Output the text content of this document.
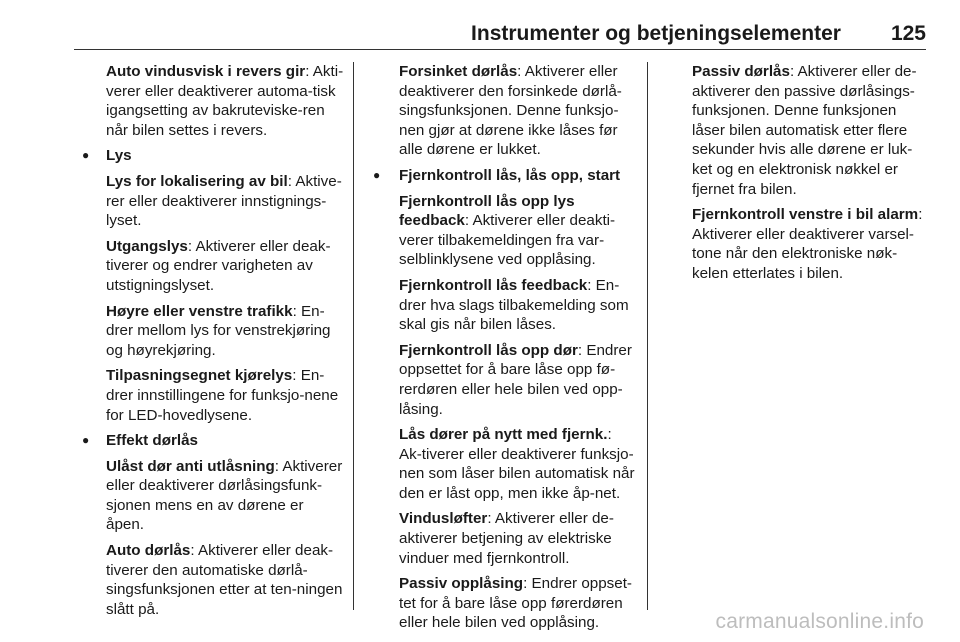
Instrumenter og betjeningselementer 125
Auto vindusvisk i revers gir: Akti-verer eller deaktiverer automa-tisk igangsetting av bakruteviske-ren når bilen settes i revers.
● Lys
Lys for lokalisering av bil: Aktive-rer eller deaktiverer innstignings-lyset.
Utgangslys: Aktiverer eller deak-tiverer og endrer varigheten av utstigningslyset.
Høyre eller venstre trafikk: En-drer mellom lys for venstrekjøring og høyrekjøring.
Tilpasningsegnet kjørelys: En-drer innstillingene for funksjo-nene for LED-hovedlysene.
● Effekt dørlås
Ulåst dør anti utlåsning: Aktiverer eller deaktiverer dørlåsingsfunk-sjonen mens en av dørene er åpen.
Auto dørlås: Aktiverer eller deak-tiverer den automatiske dørlå-singsfunksjonen etter at ten-ningen slått på.
Forsinket dørlås: Aktiverer eller deaktiverer den forsinkede dørlå-singsfunksjonen. Denne funksjo-nen gjør at dørene ikke låses før alle dørene er lukket.
● Fjernkontroll lås, lås opp, start
Fjernkontroll lås opp lys feedback: Aktiverer eller deakti-verer tilbakemeldingen fra var-selblinklysene ved opplåsing.
Fjernkontroll lås feedback: En-drer hva slags tilbakemelding som skal gis når bilen låses.
Fjernkontroll lås opp dør: Endrer oppsettet for å bare låse opp fø-rerdøren eller hele bilen ved opp-låsing.
Lås dører på nytt med fjernk.: Ak-tiverer eller deaktiverer funksjo-nen som låser bilen automatisk når den er låst opp, men ikke åp-net.
Vindusløfter: Aktiverer eller de-aktiverer betjening av elektriske vinduer med fjernkontroll.
Passiv opplåsing: Endrer oppset-tet for å bare låse opp førerdøren eller hele bilen ved opplåsing.
Passiv dørlås: Aktiverer eller de-aktiverer den passive dørlåsings-funksjonen. Denne funksjonen låser bilen automatisk etter flere sekunder hvis alle dørene er luk-ket og en elektronisk nøkkel er fjernet fra bilen.
Fjernkontroll venstre i bil alarm: Aktiverer eller deaktiverer varsel-tone når den elektroniske nøk-kelen etterlates i bilen.
carmanualsonline.info
